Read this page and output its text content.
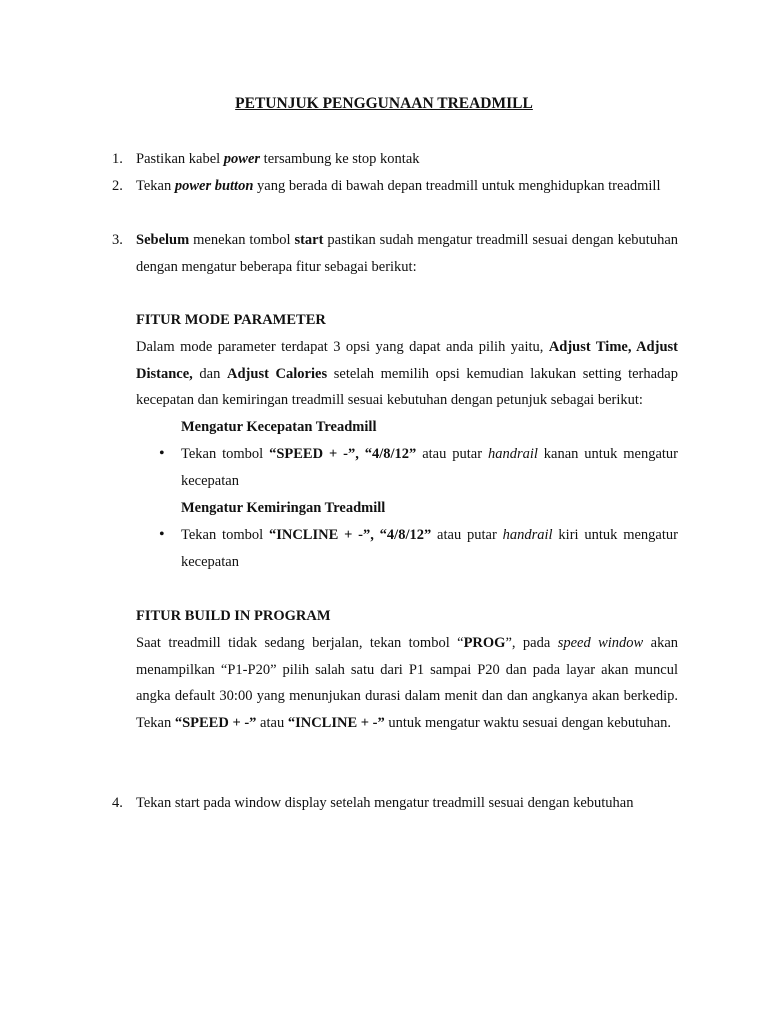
PETUNJUK PENGGUNAAN TREADMILL
1. Pastikan kabel power tersambung ke stop kontak
2. Tekan power button yang berada di bawah depan treadmill untuk menghidupkan treadmill
3. Sebelum menekan tombol start pastikan sudah mengatur treadmill sesuai dengan kebutuhan dengan mengatur beberapa fitur sebagai berikut:
FITUR MODE PARAMETER
Dalam mode parameter terdapat 3 opsi yang dapat anda pilih yaitu, Adjust Time, Adjust Distance, dan Adjust Calories setelah memilih opsi kemudian lakukan setting terhadap kecepatan dan kemiringan treadmill sesuai kebutuhan dengan petunjuk sebagai berikut:
Mengatur Kecepatan Treadmill
• Tekan tombol “SPEED + -”, “4/8/12” atau putar handrail kanan untuk mengatur kecepatan
Mengatur Kemiringan Treadmill
• Tekan tombol “INCLINE + -”, “4/8/12” atau putar handrail kiri untuk mengatur kecepatan
FITUR BUILD IN PROGRAM
Saat treadmill tidak sedang berjalan, tekan tombol “PROG”, pada speed window akan menampilkan “P1-P20” pilih salah satu dari P1 sampai P20 dan pada layar akan muncul angka default 30:00 yang menunjukan durasi dalam menit dan dan angkanya akan berkedip. Tekan “SPEED + -” atau “INCLINE + -” untuk mengatur waktu sesuai dengan kebutuhan.
4. Tekan start pada window display setelah mengatur treadmill sesuai dengan kebutuhan
